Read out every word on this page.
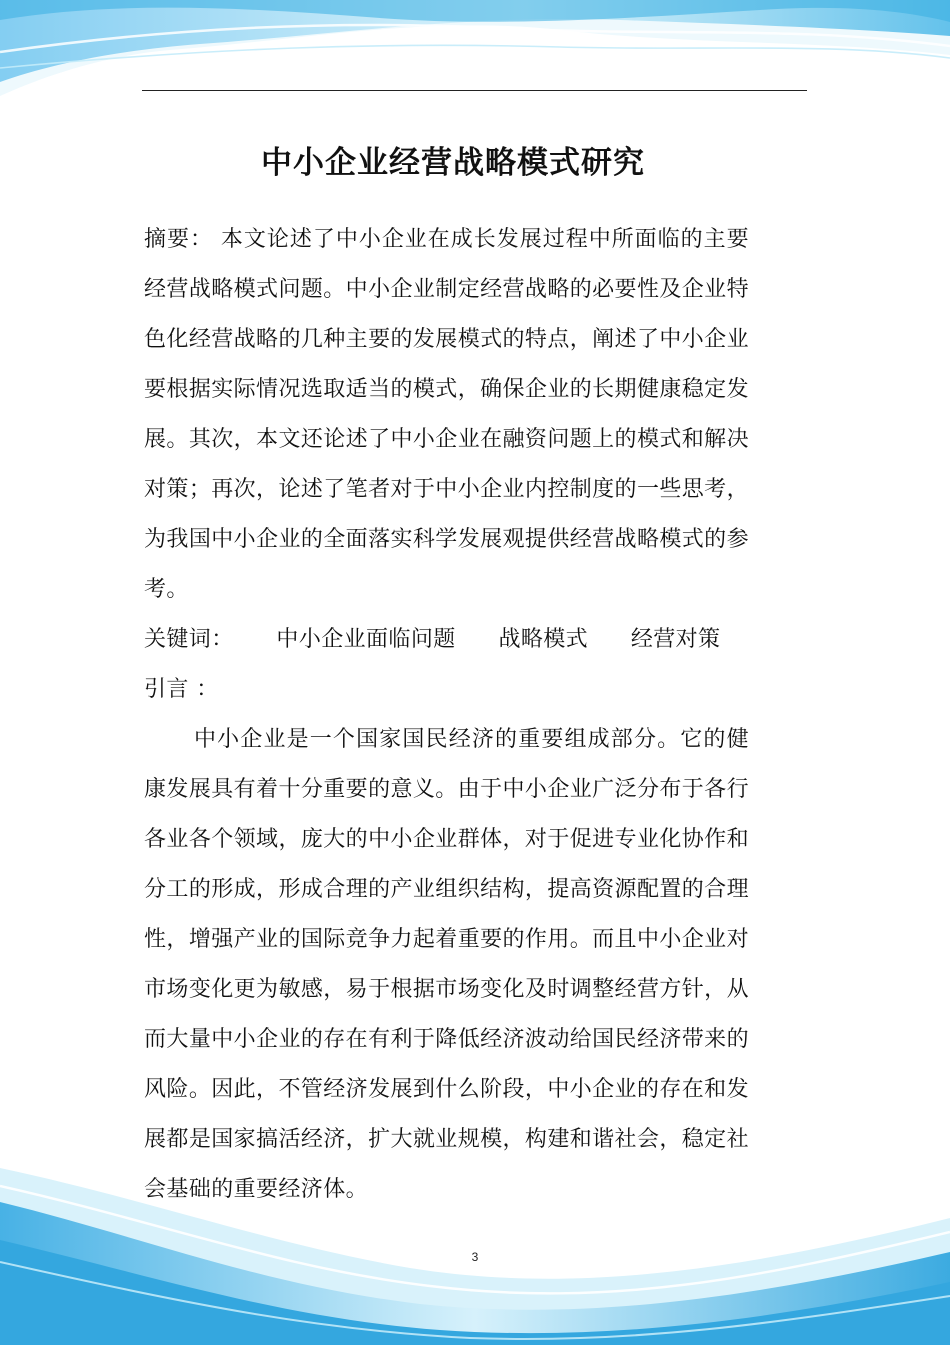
中小企业经营战略模式研究
摘要： 本文论述了中小企业在成长发展过程中所面临的主要经营战略模式问题。中小企业制定经营战略的必要性及企业特色化经营战略的几种主要的发展模式的特点，阐述了中小企业要根据实际情况选取适当的模式，确保企业的长期健康稳定发展。其次，本文还论述了中小企业在融资问题上的模式和解决对策；再次，论述了笔者对于中小企业内控制度的一些思考，为我国中小企业的全面落实科学发展观提供经营战略模式的参考。
关键词： 中小企业面临问题 战略模式 经营对策
引言 ：
中小企业是一个国家国民经济的重要组成部分。它的健康发展具有着十分重要的意义。由于中小企业广泛分布于各行各业各个领域，庞大的中小企业群体，对于促进专业化协作和分工的形成，形成合理的产业组织结构，提高资源配置的合理性，增强产业的国际竞争力起着重要的作用。而且中小企业对市场变化更为敏感，易于根据市场变化及时调整经营方针，从而大量中小企业的存在有利于降低经济波动给国民经济带来的风险。因此，不管经济发展到什么阶段，中小企业的存在和发展都是国家搞活经济，扩大就业规模，构建和谐社会，稳定社会基础的重要经济体。
3
